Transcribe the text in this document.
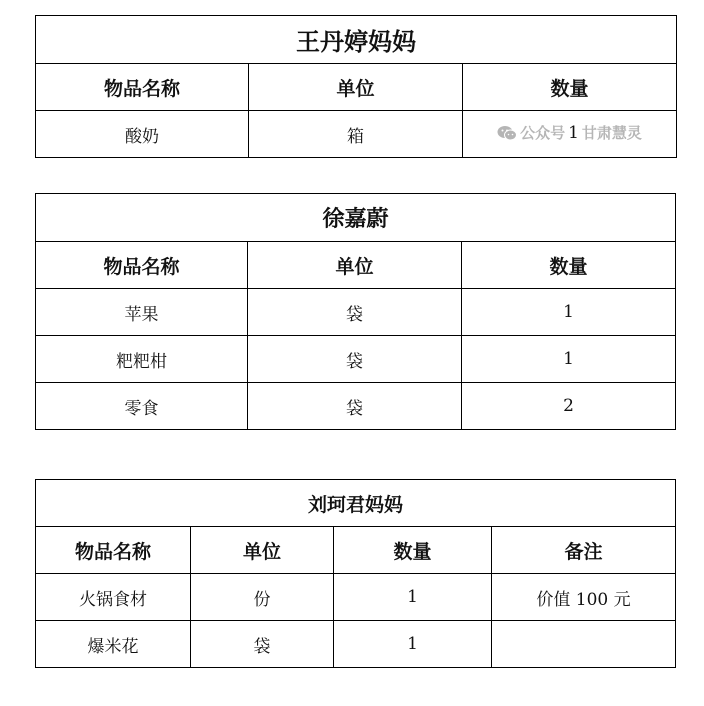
王丹婷妈妈		
物品名称	单位	数量
酸奶	箱	公众号 1 甘肃慧灵
徐嘉蔚		
物品名称	单位	数量
苹果	袋	1
粑粑柑	袋	1
零食	袋	2
刘珂君妈妈			
物品名称	单位	数量	备注
火锅食材	份	1	价值 100 元
爆米花	袋	1	
